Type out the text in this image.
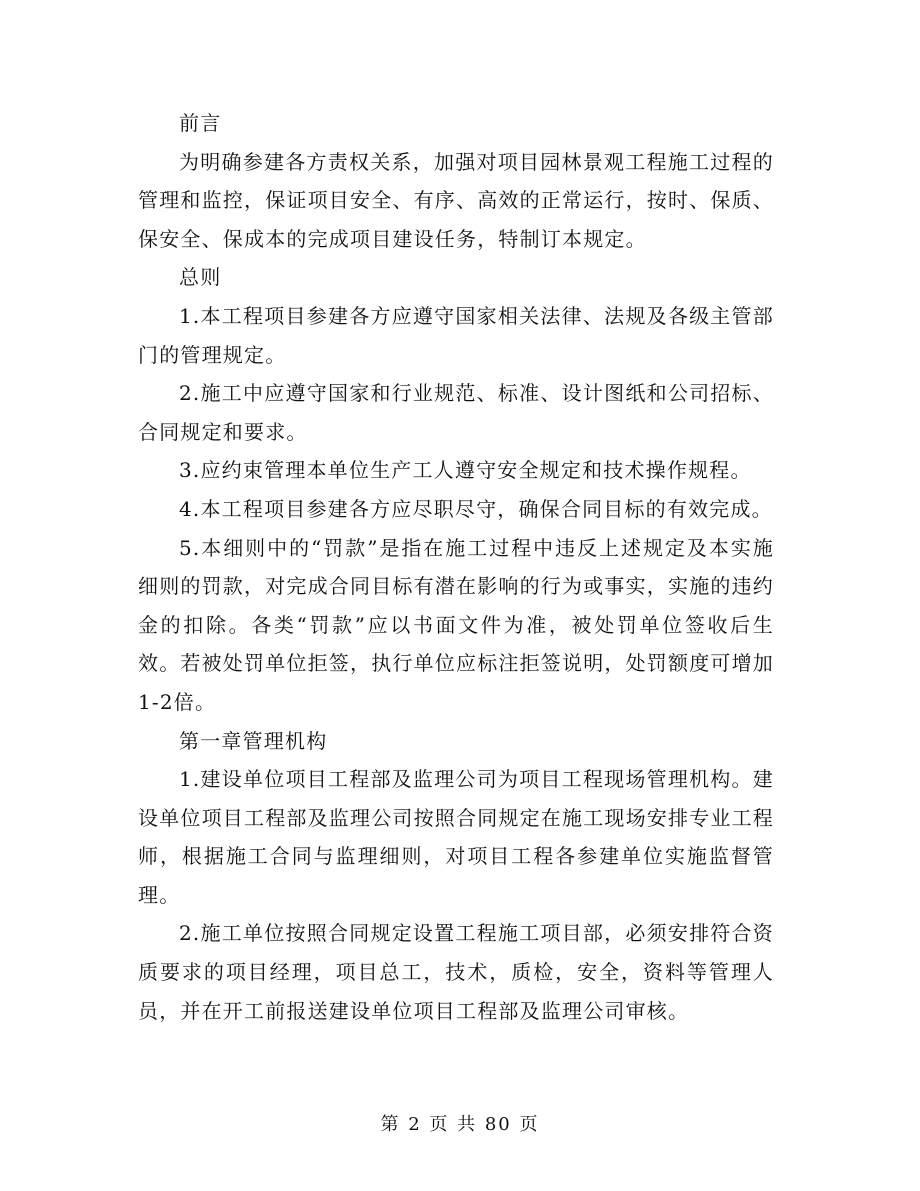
前言

为明确参建各方责权关系，加强对项目园林景观工程施工过程的管理和监控，保证项目安全、有序、高效的正常运行，按时、保质、保安全、保成本的完成项目建设任务，特制订本规定。

总则

1.本工程项目参建各方应遵守国家相关法律、法规及各级主管部门的管理规定。

2.施工中应遵守国家和行业规范、标准、设计图纸和公司招标、合同规定和要求。

3.应约束管理本单位生产工人遵守安全规定和技术操作规程。

4.本工程项目参建各方应尽职尽守，确保合同目标的有效完成。

5.本细则中的“罚款”是指在施工过程中违反上述规定及本实施细则的罚款，对完成合同目标有潜在影响的行为或事实，实施的违约金的扣除。各类“罚款”应以书面文件为准，被处罚单位签收后生效。若被处罚单位拒签，执行单位应标注拒签说明，处罚额度可增加1-2倍。

第一章管理机构

1.建设单位项目工程部及监理公司为项目工程现场管理机构。建设单位项目工程部及监理公司按照合同规定在施工现场安排专业工程师，根据施工合同与监理细则，对项目工程各参建单位实施监督管理。

2.施工单位按照合同规定设置工程施工项目部，必须安排符合资质要求的项目经理，项目总工，技术，质检，安全，资料等管理人员，并在开工前报送建设单位项目工程部及监理公司审核。

第 2 页 共 80 页
